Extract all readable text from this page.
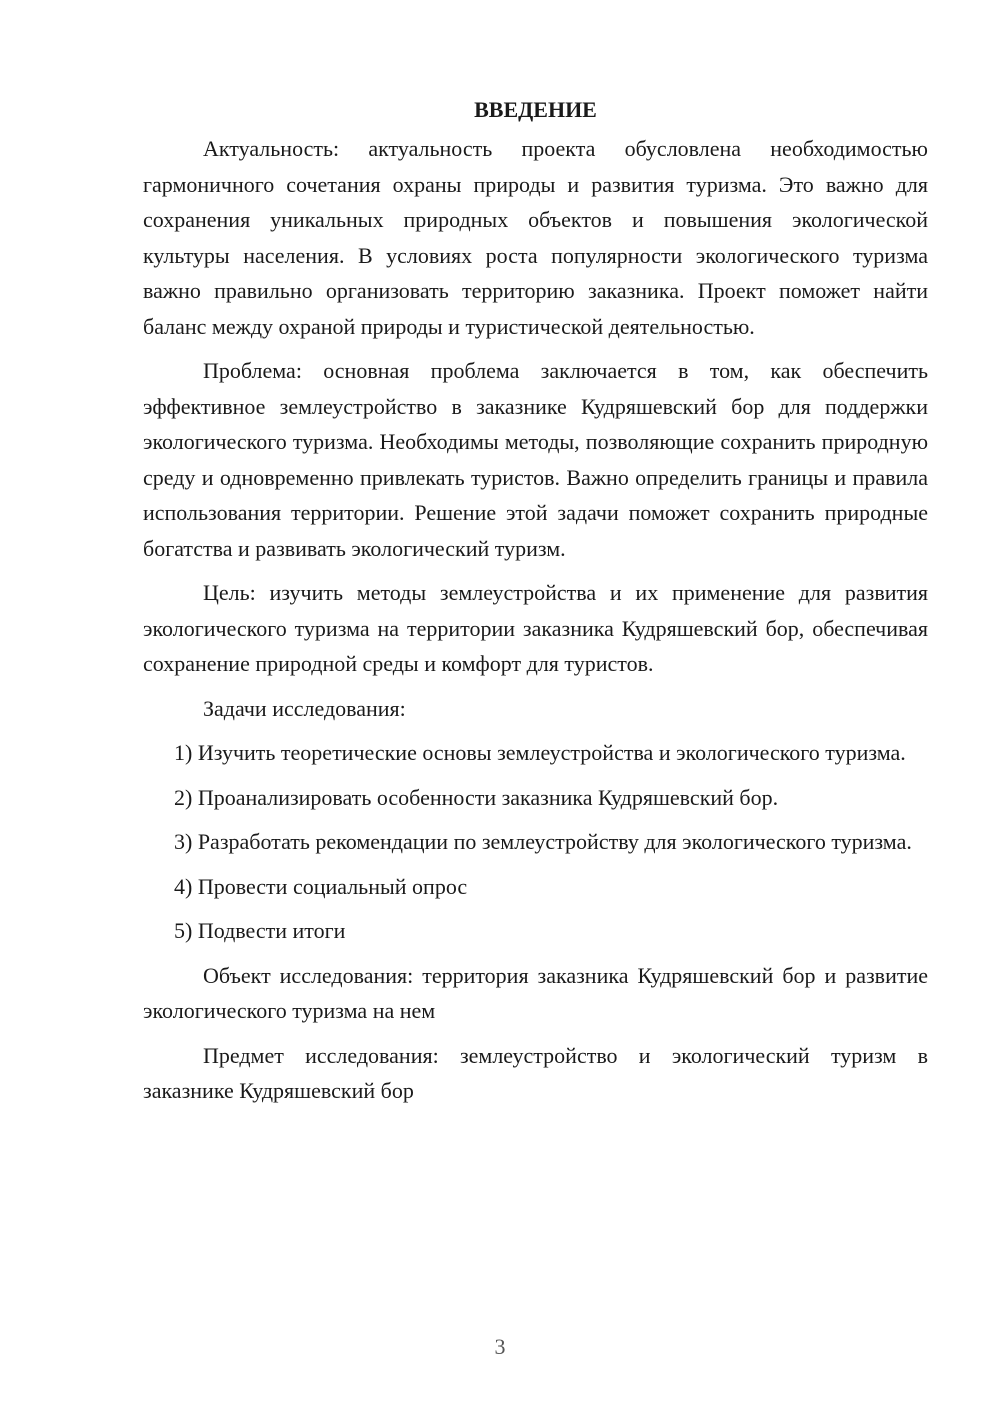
ВВЕДЕНИЕ

Актуальность: актуальность проекта обусловлена необходимостью гармоничного сочетания охраны природы и развития туризма. Это важно для сохранения уникальных природных объектов и повышения экологической культуры населения. В условиях роста популярности экологического туризма важно правильно организовать территорию заказника. Проект поможет найти баланс между охраной природы и туристической деятельностью.

Проблема: основная проблема заключается в том, как обеспечить эффективное землеустройство в заказнике Кудряшевский бор для поддержки экологического туризма. Необходимы методы, позволяющие сохранить природную среду и одновременно привлекать туристов. Важно определить границы и правила использования территории. Решение этой задачи поможет сохранить природные богатства и развивать экологический туризм.

Цель: изучить методы землеустройства и их применение для развития экологического туризма на территории заказника Кудряшевский бор, обеспечивая сохранение природной среды и комфорт для туристов.

Задачи исследования:

1) Изучить теоретические основы землеустройства и экологического туризма.

2) Проанализировать особенности заказника Кудряшевский бор.

3) Разработать рекомендации по землеустройству для экологического туризма.

4) Провести социальный опрос

5) Подвести итоги

Объект исследования: территория заказника Кудряшевский бор и развитие экологического туризма на нем

Предмет исследования: землеустройство и экологический туризм в заказнике Кудряшевский бор

3
